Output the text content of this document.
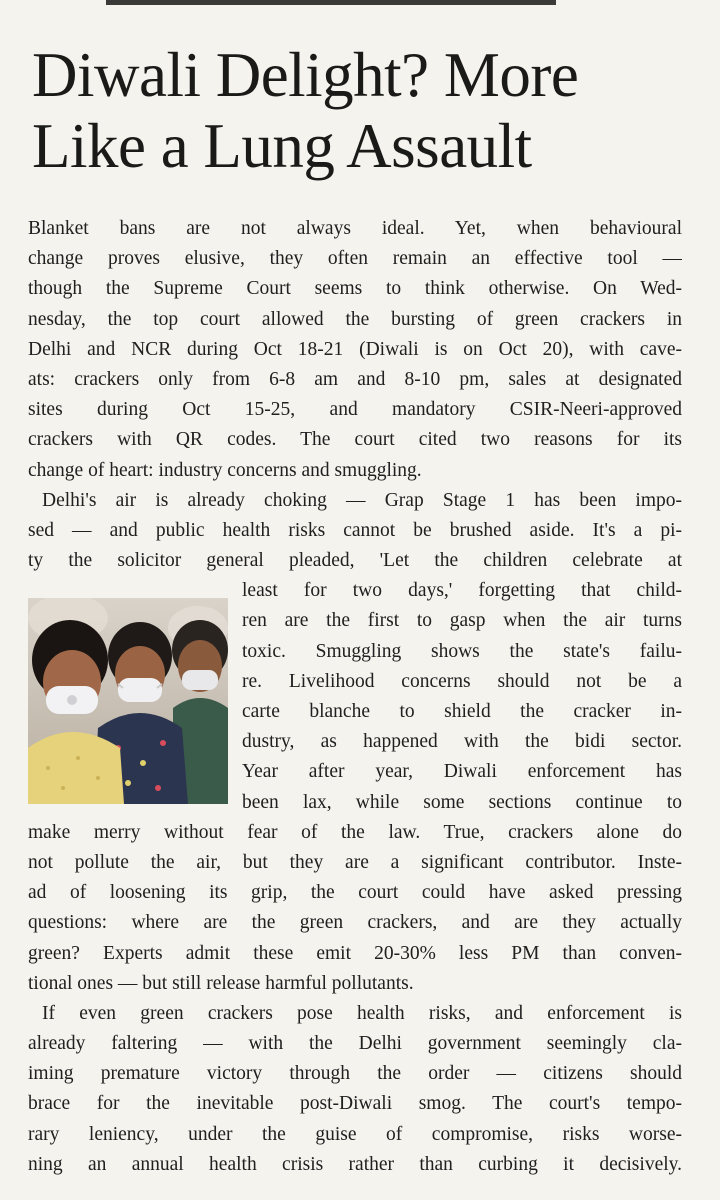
Diwali Delight? More
Like a Lung Assault
Blanket bans are not always ideal. Yet, when behavioural
change proves elusive, they often remain an effective tool —
though the Supreme Court seems to think otherwise. On Wed-
nesday, the top court allowed the bursting of green crackers in
Delhi and NCR during Oct 18-21 (Diwali is on Oct 20), with cave-
ats: crackers only from 6-8 am and 8-10 pm, sales at designated
sites during Oct 15-25, and mandatory CSIR-Neeri-approved
crackers with QR codes. The court cited two reasons for its
change of heart: industry concerns and smuggling.
Delhi's air is already choking — Grap Stage 1 has been impo-
sed — and public health risks cannot be brushed aside. It's a pi-
ty the solicitor general pleaded, 'Let the children celebrate at
least for two days,' forgetting that child-
ren are the first to gasp when the air turns
toxic. Smuggling shows the state's failu-
re. Livelihood concerns should not be a
carte blanche to shield the cracker in-
dustry, as happened with the bidi sector.
Year after year, Diwali enforcement has
been lax, while some sections continue to
make merry without fear of the law. True, crackers alone do
not pollute the air, but they are a significant contributor. Inste-
ad of loosening its grip, the court could have asked pressing
questions: where are the green crackers, and are they actually
green? Experts admit these emit 20-30% less PM than conven-
tional ones — but still release harmful pollutants.
If even green crackers pose health risks, and enforcement is
already faltering — with the Delhi government seemingly cla-
iming premature victory through the order — citizens should
brace for the inevitable post-Diwali smog. The court's tempo-
rary leniency, under the guise of compromise, risks worse-
ning an annual health crisis rather than curbing it decisively.
